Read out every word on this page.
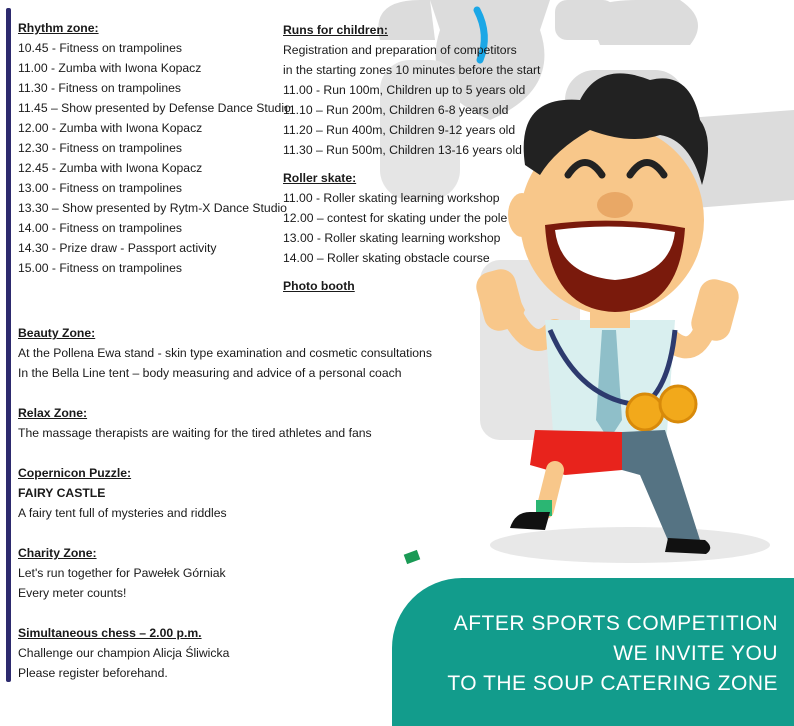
Rhythm zone:
10.45 - Fitness on trampolines
11.00 - Zumba with Iwona Kopacz
11.30 - Fitness on trampolines
11.45 – Show presented by Defense Dance Studio
12.00 - Zumba with Iwona Kopacz
12.30 - Fitness on trampolines
12.45 - Zumba with Iwona Kopacz
13.00 - Fitness on trampolines
13.30 – Show presented by Rytm-X Dance Studio
14.00 - Fitness on trampolines
14.30 - Prize draw - Passport activity
15.00 - Fitness on trampolines
Runs for children:
Registration and preparation of competitors
in the starting zones 10 minutes before the start
11.00 - Run 100m, Children up to 5 years old
11.10 – Run 200m, Children 6-8 years old
11.20 – Run 400m, Children 9-12 years old
11.30 – Run 500m, Children 13-16 years old
Roller skate:
11.00 - Roller skating learning workshop
12.00 – contest for skating under the pole
13.00 - Roller skating learning workshop
14.00 – Roller skating obstacle course
Photo booth
Beauty Zone:
At the Pollena Ewa stand - skin type examination and cosmetic consultations
In the Bella Line tent – body measuring and advice of a personal coach
Relax Zone:
The massage therapists are waiting for the tired athletes and fans
Copernicon Puzzle:
FAIRY CASTLE
A fairy tent full of mysteries and riddles
Charity Zone:
Let's run together for Pawełek Górniak
Every meter counts!
Simultaneous chess – 2.00 p.m.
Challenge our champion Alicja Śliwicka
Please register beforehand.
AFTER SPORTS COMPETITION
WE INVITE YOU
TO THE SOUP CATERING ZONE
